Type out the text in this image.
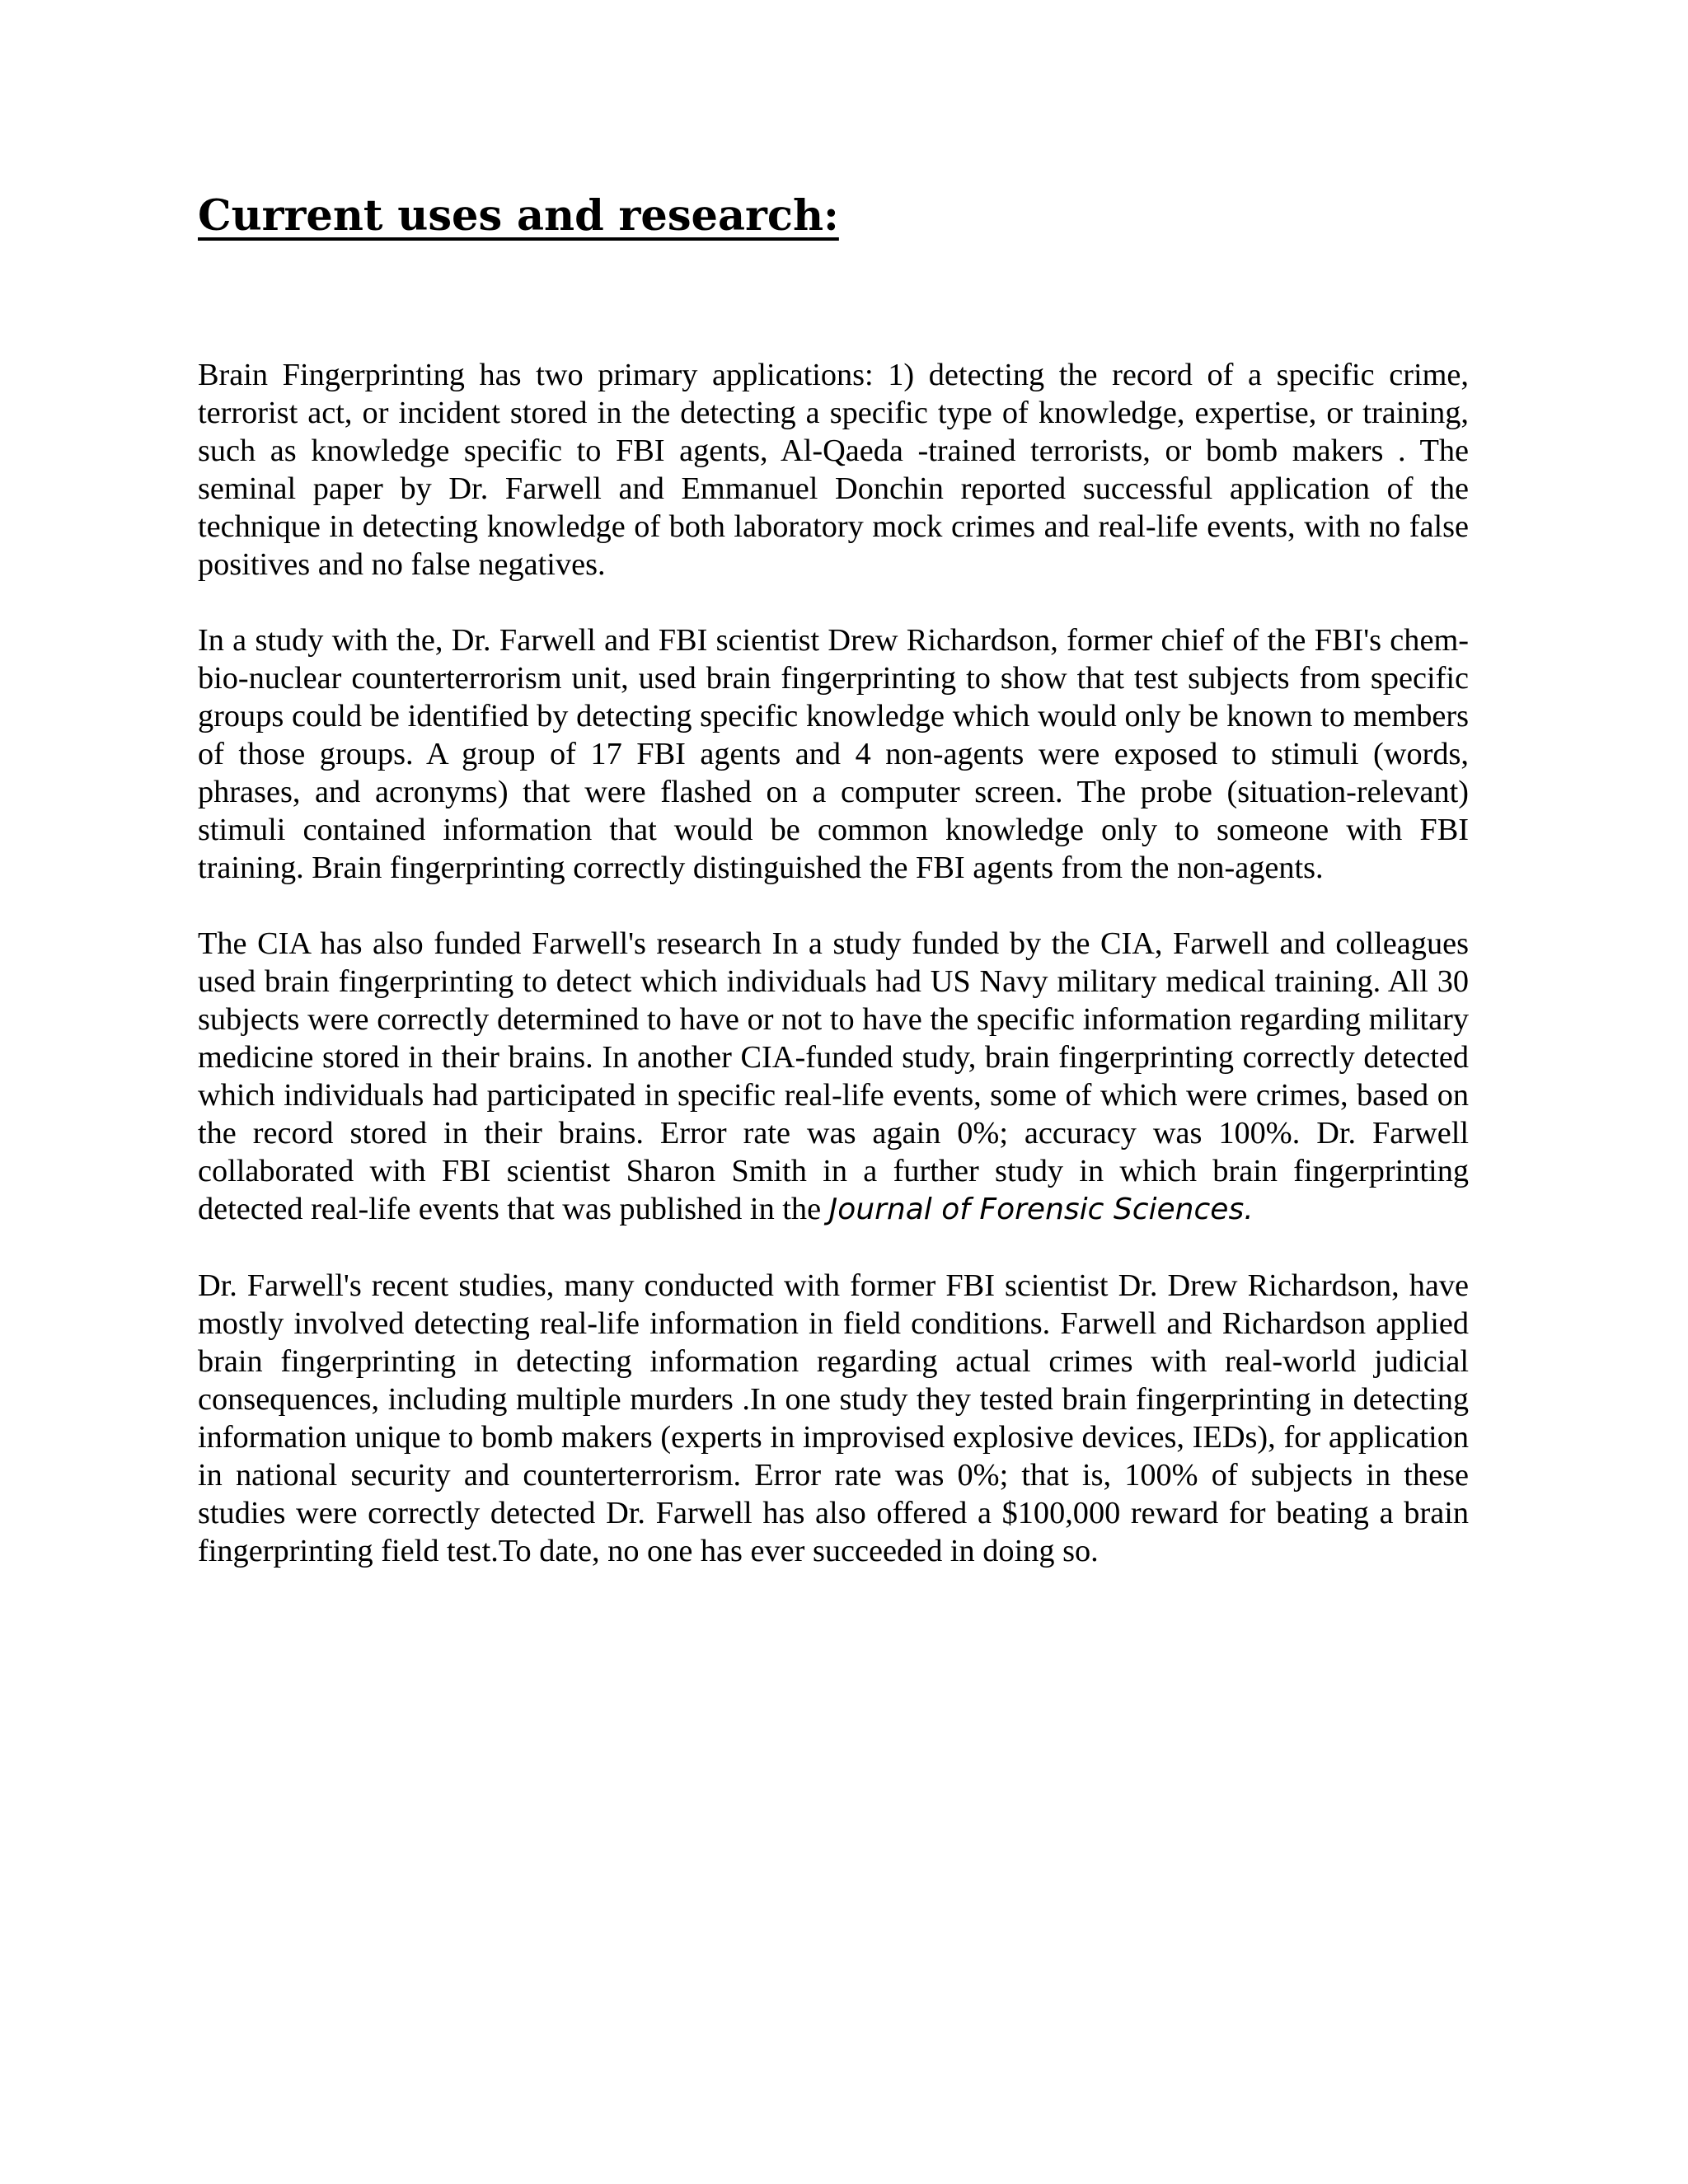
Current uses and research:

Brain Fingerprinting has two primary applications: 1) detecting the record of a specific crime, terrorist act, or incident stored in the detecting a specific type of knowledge, expertise, or training, such as knowledge specific to FBI agents, Al-Qaeda -trained terrorists, or bomb makers . The seminal paper by Dr. Farwell and Emmanuel Donchin reported successful application of the technique in detecting knowledge of both laboratory mock crimes and real-life events, with no false positives and no false negatives.

In a study with the, Dr. Farwell and FBI scientist Drew Richardson, former chief of the FBI's chem-bio-nuclear counterterrorism unit, used brain fingerprinting to show that test subjects from specific groups could be identified by detecting specific knowledge which would only be known to members of those groups. A group of 17 FBI agents and 4 non-agents were exposed to stimuli (words, phrases, and acronyms) that were flashed on a computer screen. The probe (situation-relevant) stimuli contained information that would be common knowledge only to someone with FBI training. Brain fingerprinting correctly distinguished the FBI agents from the non-agents.

The CIA has also funded Farwell's research In a study funded by the CIA, Farwell and colleagues used brain fingerprinting to detect which individuals had US Navy military medical training. All 30 subjects were correctly determined to have or not to have the specific information regarding military medicine stored in their brains. In another CIA-funded study, brain fingerprinting correctly detected which individuals had participated in specific real-life events, some of which were crimes, based on the record stored in their brains. Error rate was again 0%; accuracy was 100%. Dr. Farwell collaborated with FBI scientist Sharon Smith in a further study in which brain fingerprinting detected real-life events that was published in the Journal of Forensic Sciences.

Dr. Farwell's recent studies, many conducted with former FBI scientist Dr. Drew Richardson, have mostly involved detecting real-life information in field conditions. Farwell and Richardson applied brain fingerprinting in detecting information regarding actual crimes with real-world judicial consequences, including multiple murders .In one study they tested brain fingerprinting in detecting information unique to bomb makers (experts in improvised explosive devices, IEDs), for application in national security and counterterrorism. Error rate was 0%; that is, 100% of subjects in these studies were correctly detected Dr. Farwell has also offered a $100,000 reward for beating a brain fingerprinting field test.To date, no one has ever succeeded in doing so.
